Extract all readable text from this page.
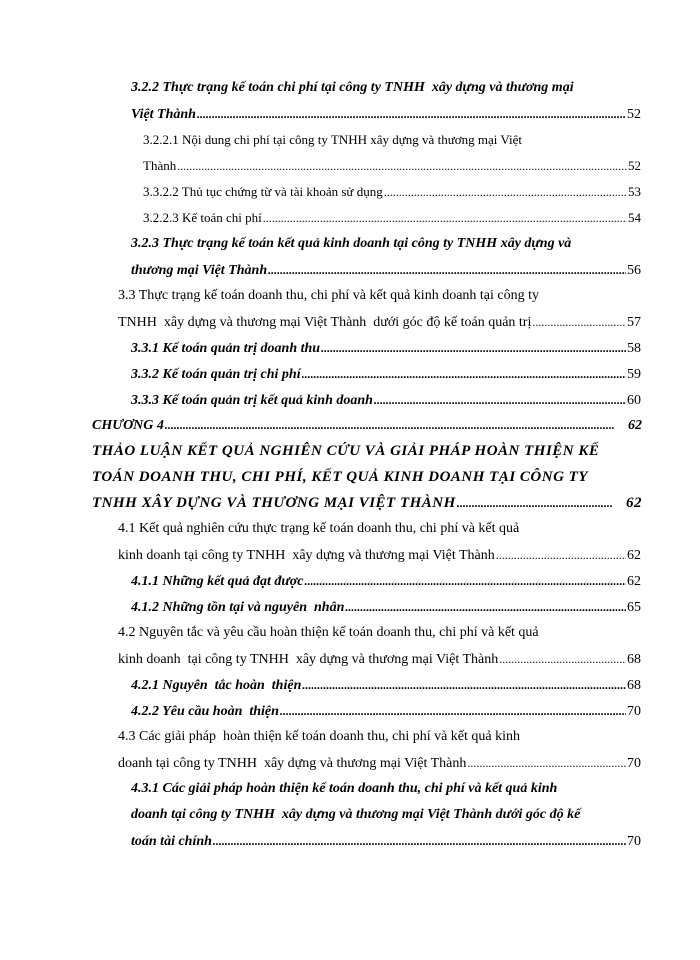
3.2.2 Thực trạng kế toán chi phí tại công ty TNHH  xây dựng và thương mại
Việt Thành .....	52
3.2.2.1 Nội dung chi phí tại công ty TNHH xây dựng và thương mại Việt
Thành .....	52
3.3.2.2 Thủ tục chứng từ và tài khoản sử dụng .....	53
3.2.2.3 Kế toán chi phí .....	54
3.2.3 Thực trạng kế toán kết quả kinh doanh tại công ty TNHH xây dựng và
thương mại Việt Thành .....	56
3.3 Thực trạng kế toán doanh thu, chi phí và kết quả kinh doanh tại công ty
TNHH  xây dựng và thương mại Việt Thành  dưới góc độ kế toán quản trị .....	57
3.3.1 Kế toán quản trị doanh thu .....	58
3.3.2 Kế toán quản trị chi phí .....	59
3.3.3 Kế toán quản trị kết quả kinh doanh .....	60
CHƯƠNG 4 .....	62
THẢO LUẬN KẾT QUẢ NGHIÊN CỨU VÀ GIẢI PHÁP HOÀN THIỆN KẾ
TOÁN DOANH THU, CHI PHÍ, KẾT QUẢ KINH DOANH TẠI CÔNG TY
TNHH XÂY DỰNG VÀ THƯƠNG MẠI VIỆT THÀNH .....	62
4.1 Kết quả nghiên cứu thực trạng kế toán doanh thu, chi phí và kết quả
kinh doanh tại công ty TNHH  xây dựng và thương mại Việt Thành .....	62
4.1.1 Những kết quả đạt được .....	62
4.1.2 Những tồn tại và nguyên  nhân .....	65
4.2 Nguyên tắc và yêu cầu hoàn thiện kế toán doanh thu, chi phí và kết quả
kinh doanh  tại công ty TNHH  xây dựng và thương mại Việt Thành .....	68
4.2.1 Nguyên  tắc hoàn  thiện .....	68
4.2.2 Yêu cầu hoàn  thiện .....	70
4.3 Các giải pháp  hoàn thiện kế toán doanh thu, chi phí và kết quả kinh
doanh tại công ty TNHH  xây dựng và thương mại Việt Thành .....	70
4.3.1 Các giải pháp hoàn thiện kế toán doanh thu, chi phí và kết quả kinh
doanh tại công ty TNHH  xây dựng và thương mại Việt Thành dưới góc độ kế
toán tài chính .....	70
